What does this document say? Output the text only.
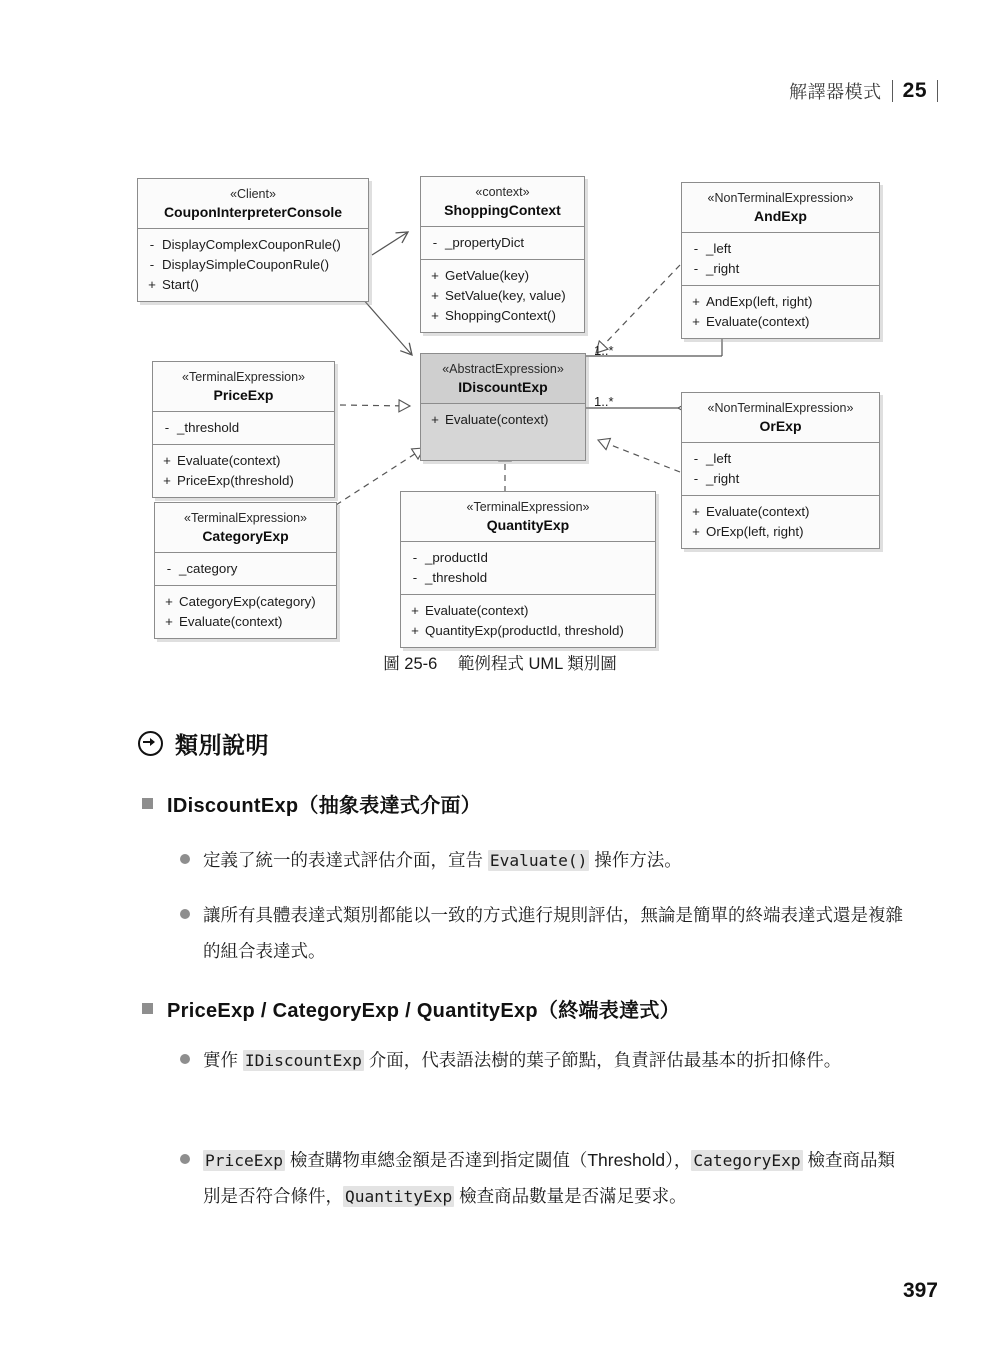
解譯器模式 25
«Client»
CouponInterpreterConsole
- DisplayComplexCouponRule()
- DisplaySimpleCouponRule()
+ Start()
«context»
ShoppingContext
- _propertyDict
+ GetValue(key)
+ SetValue(key, value)
+ ShoppingContext()
«NonTerminalExpression»
AndExp
- _left
- _right
+ AndExp(left, right)
+ Evaluate(context)
«TerminalExpression»
PriceExp
- _threshold
+ Evaluate(context)
+ PriceExp(threshold)
«AbstractExpression»
IDiscountExp
+ Evaluate(context)
«NonTerminalExpression»
OrExp
- _left
- _right
+ Evaluate(context)
+ OrExp(left, right)
«TerminalExpression»
CategoryExp
- _category
+ CategoryExp(category)
+ Evaluate(context)
«TerminalExpression»
QuantityExp
- _productId
- _threshold
+ Evaluate(context)
+ QuantityExp(productId, threshold)
1..*
1..*
圖 25-6 範例程式 UML 類別圖
類別說明
IDiscountExp（抽象表達式介面）
定義了統一的表達式評估介面，宣告 Evaluate() 操作方法。
讓所有具體表達式類別都能以一致的方式進行規則評估，無論是簡單的終端表達式還是複雜的組合表達式。
PriceExp / CategoryExp / QuantityExp（終端表達式）
實作 IDiscountExp 介面，代表語法樹的葉子節點，負責評估最基本的折扣條件。
PriceExp 檢查購物車總金額是否達到指定閾值（Threshold）， CategoryExp 檢查商品類別是否符合條件， QuantityExp 檢查商品數量是否滿足要求。
397
